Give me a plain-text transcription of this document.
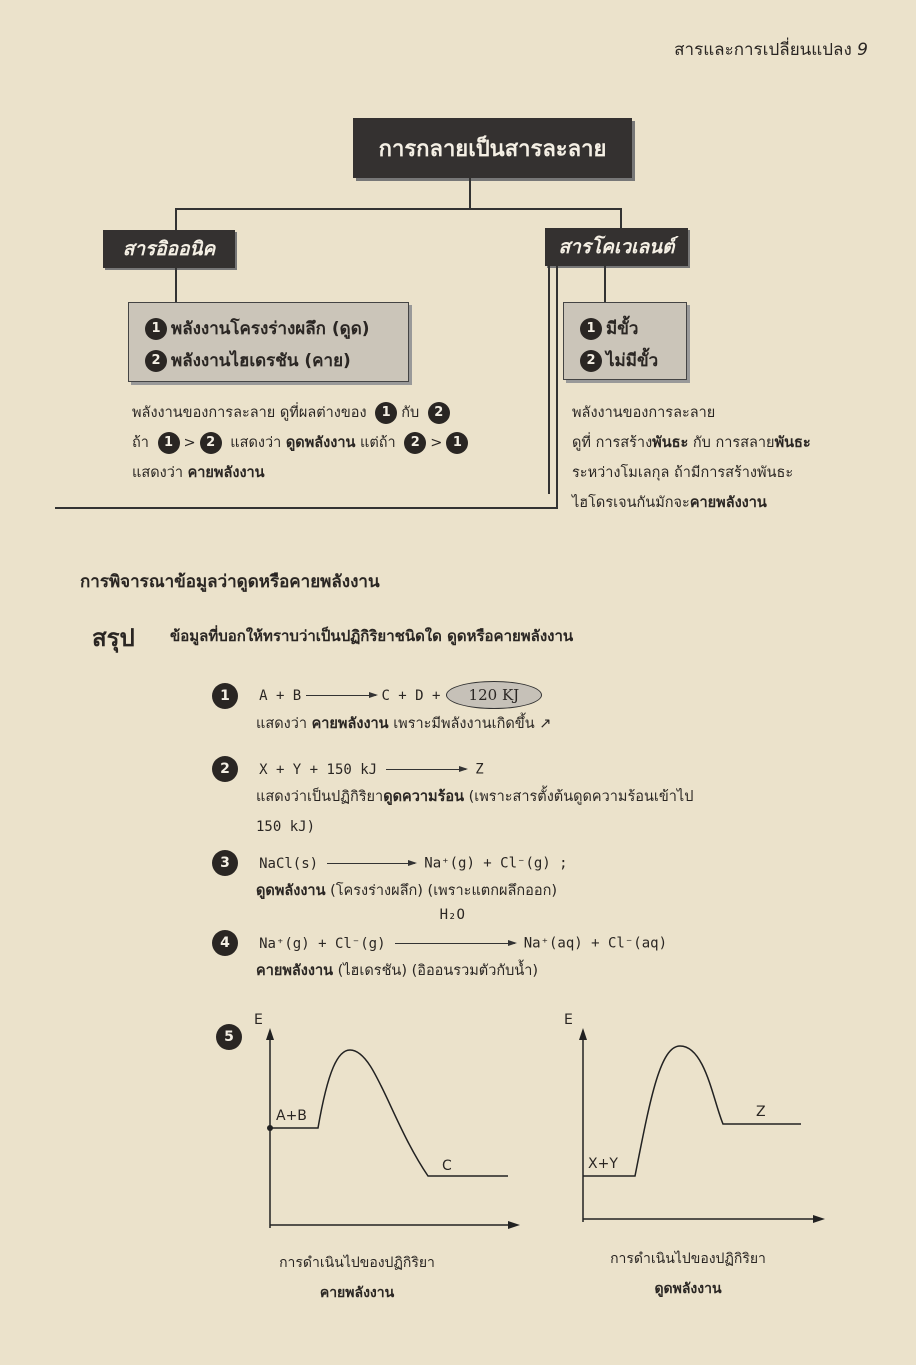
สารและการเปลี่ยนแปลง 9
การกลายเป็นสารละลาย
สารอิออนิค	สารโคเวเลนต์
1 พลังงานโครงร่างผลึก (ดูด)
2 พลังงานไฮเดรชัน (คาย)
1 มีขั้ว
2 ไม่มีขั้ว
พลังงานของการละลาย ดูที่ผลต่างของ 1 กับ 2
ถ้า 1 > 2 แสดงว่า ดูดพลังงาน แต่ถ้า 2 > 1
แสดงว่า คายพลังงาน
พลังงานของการละลาย
ดูที่ การสร้างพันธะ กับ การสลายพันธะ
ระหว่างโมเลกุล ถ้ามีการสร้างพันธะ
ไฮโดรเจนกันมักจะคายพลังงาน
การพิจารณาข้อมูลว่าดูดหรือคายพลังงาน
สรุป ข้อมูลที่บอกให้ทราบว่าเป็นปฏิกิริยาชนิดใด ดูดหรือคายพลังงาน
1 A + B	C + D + 120 KJ
แสดงว่า คายพลังงาน เพราะมีพลังงานเกิดขึ้น ↗
2 X + Y + 150 kJ	Z
แสดงว่าเป็นปฏิกิริยาดูดความร้อน (เพราะสารตั้งต้นดูดความร้อนเข้าไป
150 kJ)
3 NaCl(s)	Na⁺(g) + Cl⁻(g) ;
ดูดพลังงาน (โครงร่างผลึก) (เพราะแตกผลึกออก)
4 Na⁺(g) + Cl⁻(g)
H₂O
Na⁺(aq) + Cl⁻(aq)
คายพลังงาน (ไฮเดรชัน) (อิออนรวมตัวกับน้ำ)
5
E
A+B
C
การดำเนินไปของปฏิกิริยา
คายพลังงาน
E
X+Y
Z
การดำเนินไปของปฏิกิริยา
ดูดพลังงาน
